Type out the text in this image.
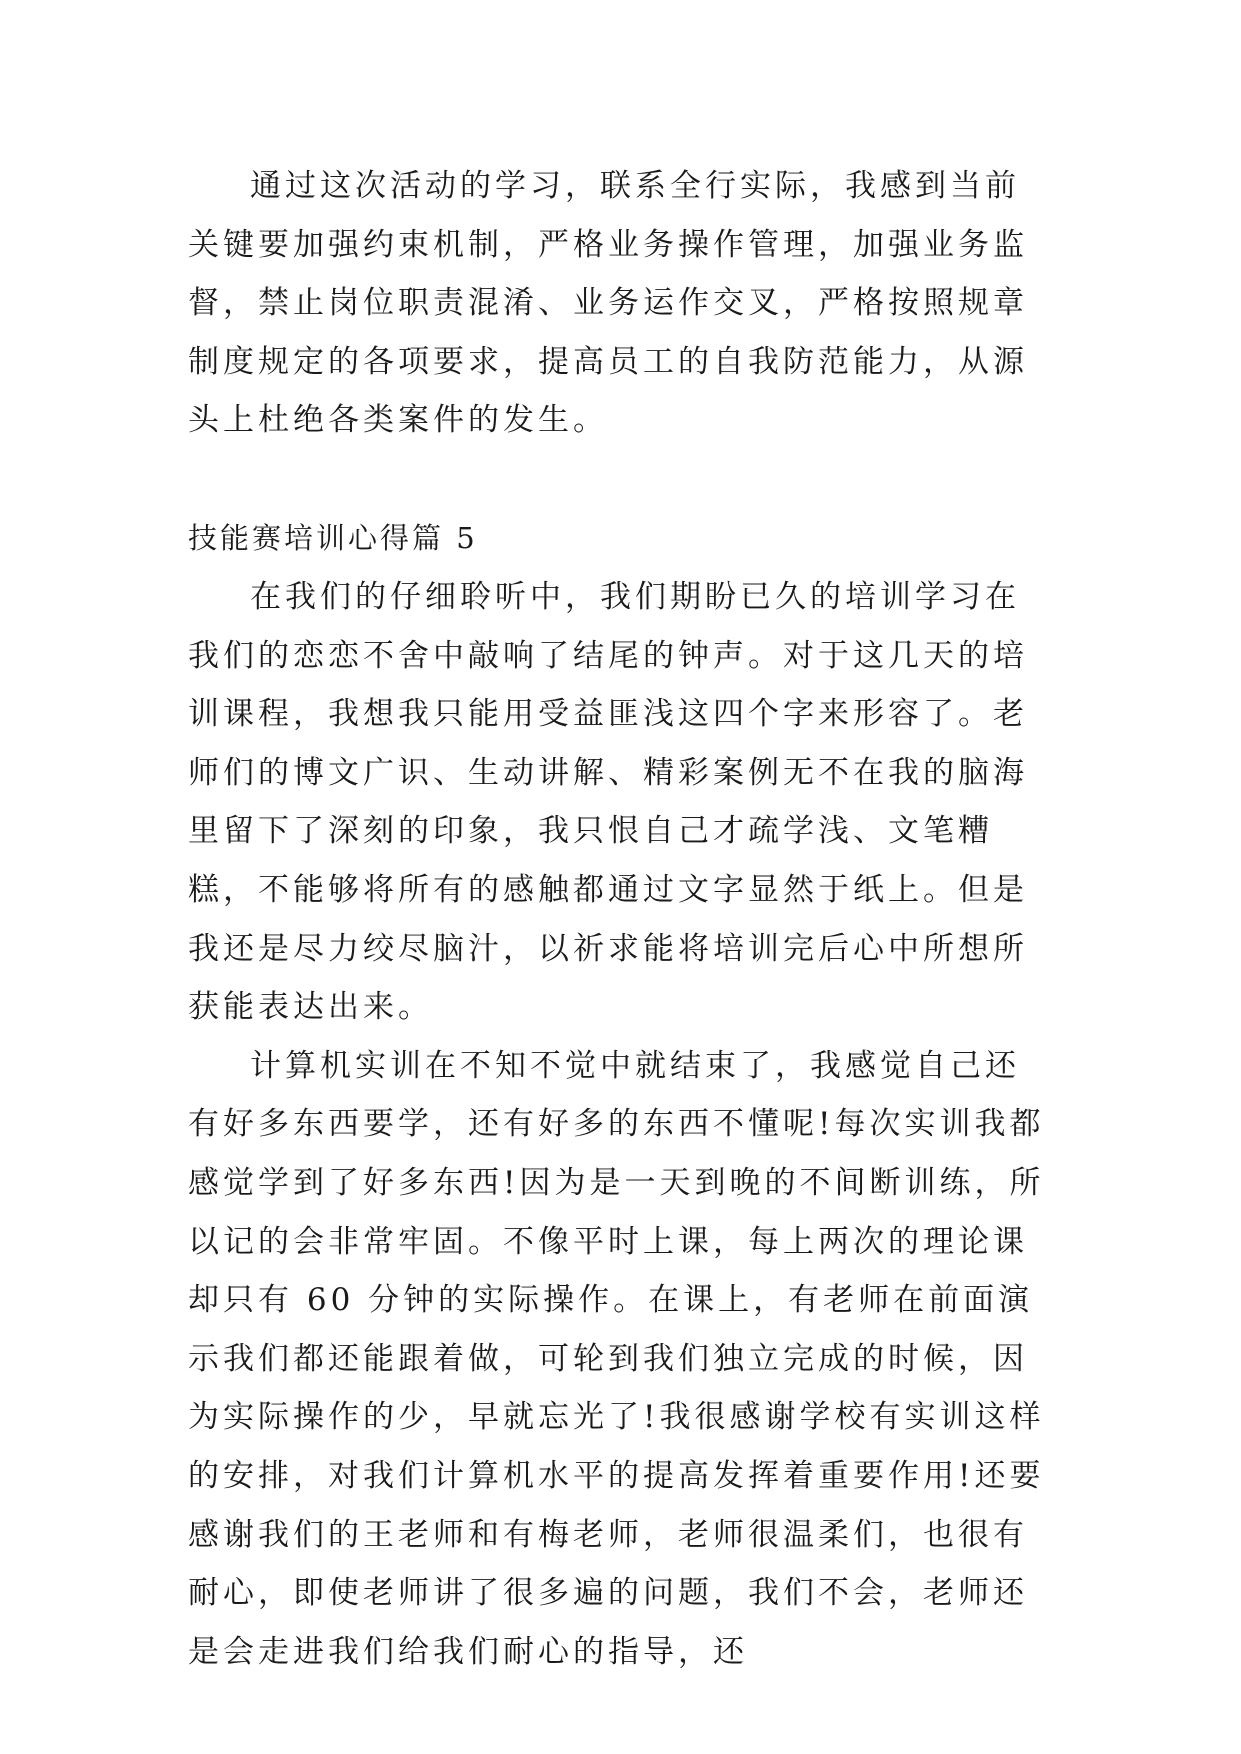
通过这次活动的学习，联系全行实际，我感到当前关键要加强约束机制，严格业务操作管理，加强业务监督，禁止岗位职责混淆、业务运作交叉，严格按照规章制度规定的各项要求，提高员工的自我防范能力，从源头上杜绝各类案件的发生。

技能赛培训心得篇 5

在我们的仔细聆听中，我们期盼已久的培训学习在我们的恋恋不舍中敲响了结尾的钟声。对于这几天的培训课程，我想我只能用受益匪浅这四个字来形容了。老师们的博文广识、生动讲解、精彩案例无不在我的脑海里留下了深刻的印象，我只恨自己才疏学浅、文笔糟糕，不能够将所有的感触都通过文字显然于纸上。但是我还是尽力绞尽脑汁，以祈求能将培训完后心中所想所获能表达出来。

计算机实训在不知不觉中就结束了，我感觉自己还有好多东西要学，还有好多的东西不懂呢!每次实训我都感觉学到了好多东西!因为是一天到晚的不间断训练，所以记的会非常牢固。不像平时上课，每上两次的理论课却只有 60 分钟的实际操作。在课上，有老师在前面演示我们都还能跟着做，可轮到我们独立完成的时候，因为实际操作的少，早就忘光了!我很感谢学校有实训这样的安排，对我们计算机水平的提高发挥着重要作用!还要感谢我们的王老师和有梅老师，老师很温柔们，也很有耐心，即使老师讲了很多遍的问题，我们不会，老师还是会走进我们给我们耐心的指导，还
